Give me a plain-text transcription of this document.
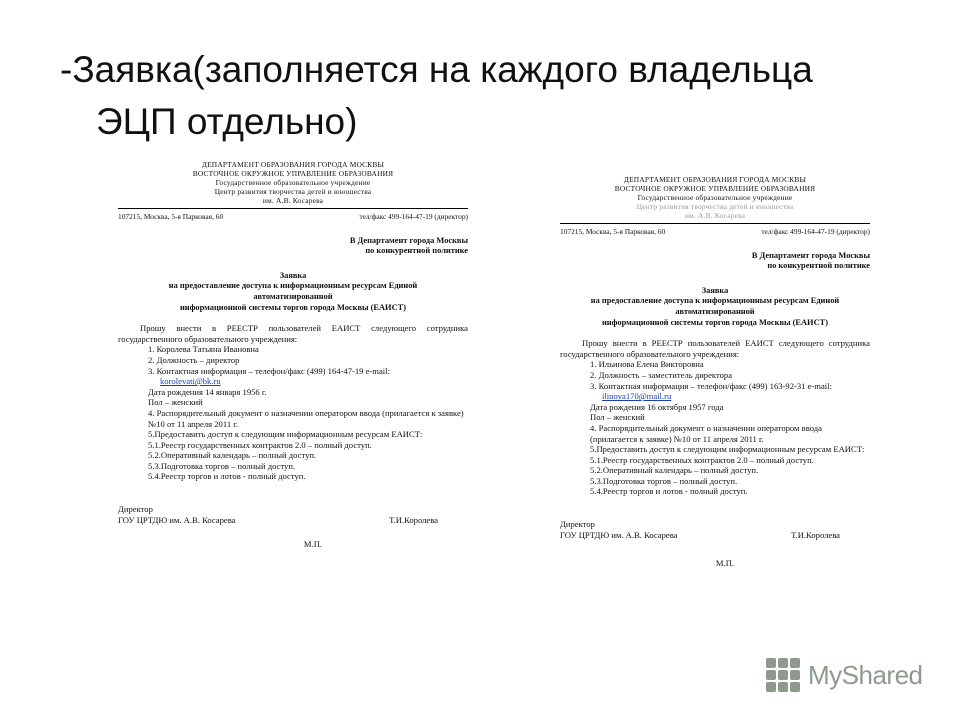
-Заявка(заполняется на каждого владельца
ЭЦП отдельно)
ДЕПАРТАМЕНТ ОБРАЗОВАНИЯ ГОРОДА МОСКВЫ
ВОСТОЧНОЕ ОКРУЖНОЕ УПРАВЛЕНИЕ ОБРАЗОВАНИЯ
Государственное образовательное учреждение
Центр развития творчества детей и юношества
им. А.В. Косарева
107215, Москва, 5-я Парковая, 60	тел/факс 499-164-47-19 (директор)
В Департамент города Москвы
по конкурентной политике
Заявка
на предоставление доступа к информационным ресурсам Единой
автоматизированной
информационной системы торгов города Москвы (ЕАИСТ)
Прошу внести в РЕЕСТР пользователей ЕАИСТ следующего сотрудника государственного образовательного учреждения:
1. Королева Татьяна Ивановна
2. Должность – директор
3. Контактная информация – телефон/факс (499) 164-47-19 e-mail:
korolevati@bk.ru
Дата рождения 14 января 1956 г.
Пол – женский
4. Распорядительный документ о назначении оператором ввода (прилагается к заявке) №10 от 11 апреля 2011 г.
5.Предоставить доступ к следующим информационным ресурсам ЕАИСТ:
5.1.Реестр государственных контрактов 2.0 – полный доступ.
5.2.Оперативный календарь – полный доступ.
5.3.Подготовка торгов – полный доступ.
5.4.Реестр торгов и лотов - полный доступ.
Директор
ГОУ ЦРТДЮ им. А.В. Косарева	Т.И.Королева
М.П.
ДЕПАРТАМЕНТ ОБРАЗОВАНИЯ ГОРОДА МОСКВЫ
ВОСТОЧНОЕ ОКРУЖНОЕ УПРАВЛЕНИЕ ОБРАЗОВАНИЯ
Государственное образовательное учреждение
Центр развития творчества детей и юношества
им. А.В. Косарева
107215, Москва, 5-я Парковая, 60	тел/факс 499-164-47-19 (директор)
В Департамент города Москвы
по конкурентной политике
Заявка
на предоставление доступа к информационным ресурсам Единой
автоматизированной
информационной системы торгов города Москвы (ЕАИСТ)
Прошу внести в РЕЕСТР пользователей ЕАИСТ следующего сотрудника государственного образовательного учреждения:
1. Ильинова Елена Викторовна
2. Должность – заместитель директора
3. Контактная информация – телефон/факс (499) 163-92-31 e-mail:
ilinova170@mail.ru
Дата рождения 16 октября 1957 года
Пол – женский
4. Распорядительный документ о назначении оператором ввода (прилагается к заявке) №10 от 11 апреля 2011 г.
5.Предоставить доступ к следующим информационным ресурсам ЕАИСТ:
5.1.Реестр государственных контрактов 2.0 – полный доступ.
5.2.Оперативный календарь – полный доступ.
5.3.Подготовка торгов – полный доступ.
5.4.Реестр торгов и лотов - полный доступ.
Директор
ГОУ ЦРТДЮ им. А.В. Косарева	Т.И.Королева
М.П.
MyShared
